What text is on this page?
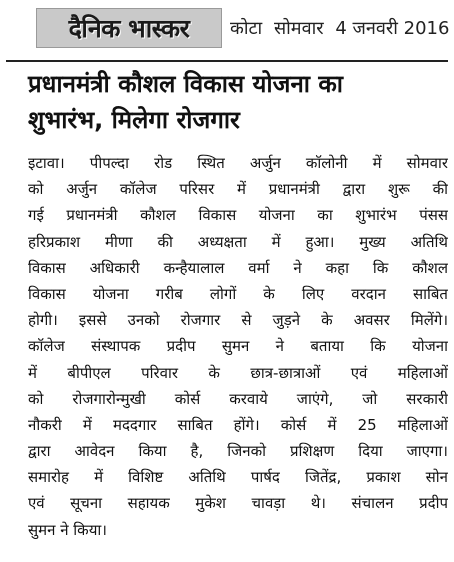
दैनिक भास्कर कोटा सोमवार 4 जनवरी 2016
प्रधानमंत्री कौशल विकास योजना का
शुभारंभ, मिलेगा रोजगार
इटावा। पीपल्दा रोड स्थित अर्जुन कॉलोनी में सोमवार
को अर्जुन कॉलेज परिसर में प्रधानमंत्री द्वारा शुरू की
गई प्रधानमंत्री कौशल विकास योजना का शुभारंभ पंसस
हरिप्रकाश मीणा की अध्यक्षता में हुआ। मुख्य अतिथि
विकास अधिकारी कन्हैयालाल वर्मा ने कहा कि कौशल
विकास योजना गरीब लोगों के लिए वरदान साबित
होगी। इससे उनको रोजगार से जुड़ने के अवसर मिलेंगे।
कॉलेज संस्थापक प्रदीप सुमन ने बताया कि योजना
में बीपीएल परिवार के छात्र-छात्राओं एवं महिलाओं
को रोजगारोन्मुखी कोर्स करवाये जाएंगे, जो सरकारी
नौकरी में मददगार साबित होंगे। कोर्स में 25 महिलाओं
द्वारा आवेदन किया है, जिनको प्रशिक्षण दिया जाएगा।
समारोह में विशिष्ट अतिथि पार्षद जितेंद्र, प्रकाश सोन
एवं सूचना सहायक मुकेश चावड़ा थे। संचालन प्रदीप
सुमन ने किया।
